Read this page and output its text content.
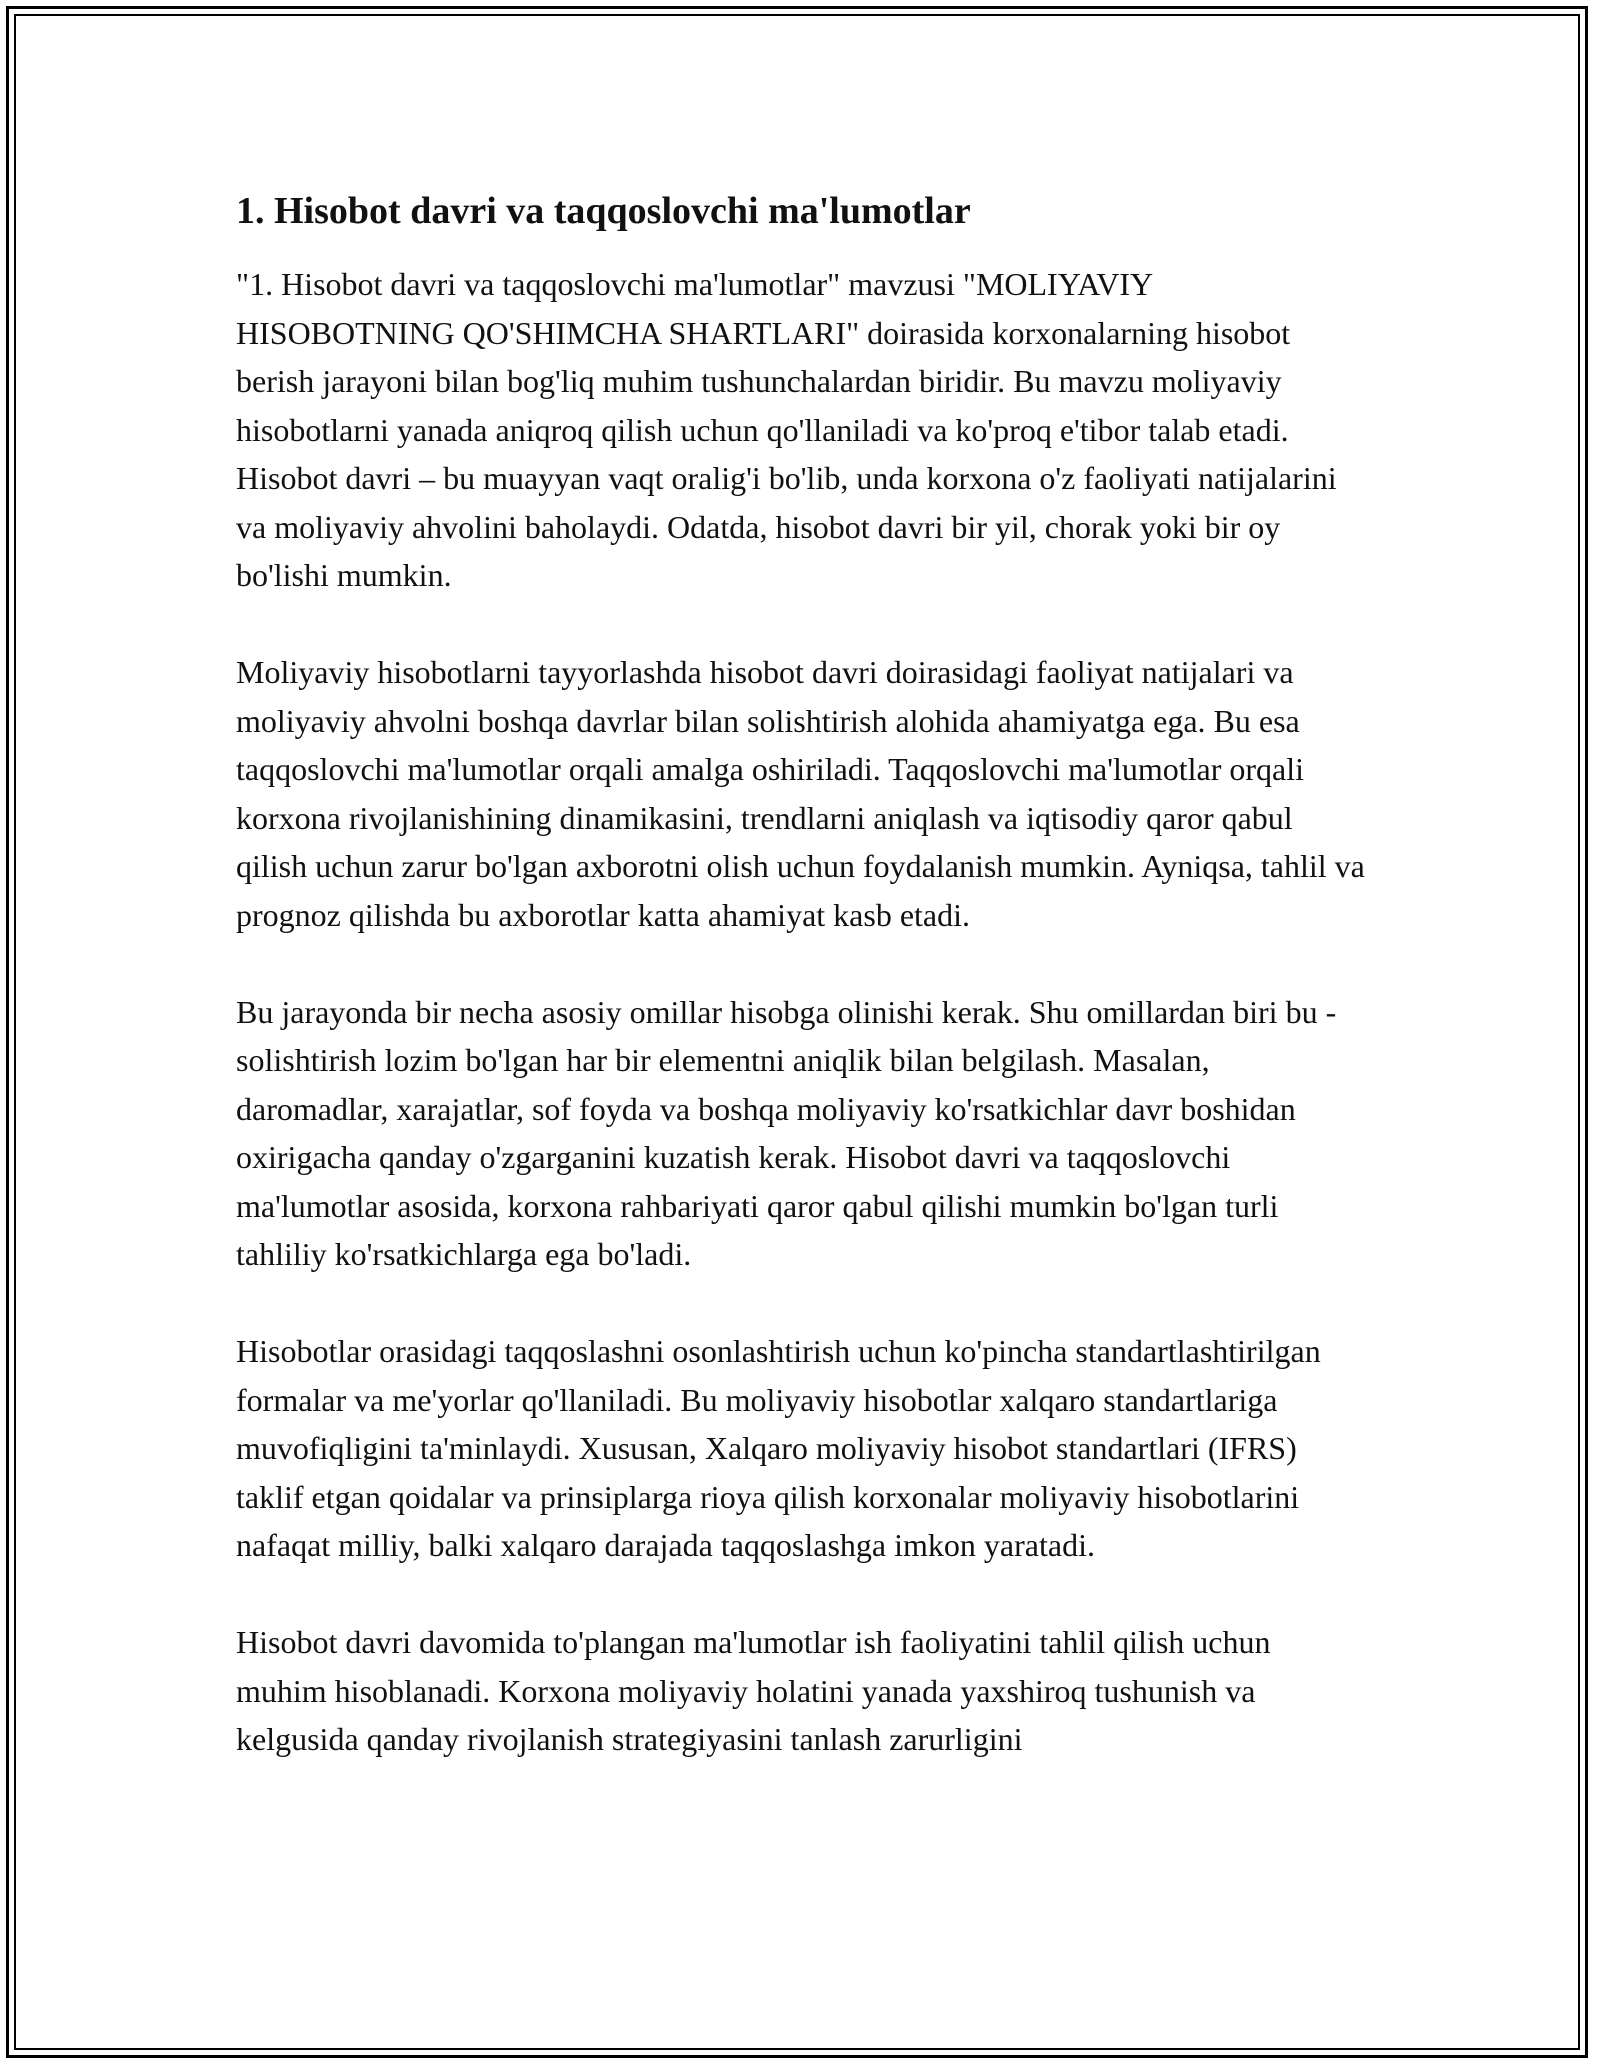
1. Hisobot davri va taqqoslovchi ma'lumotlar

"1. Hisobot davri va taqqoslovchi ma'lumotlar" mavzusi "MOLIYAVIY HISOBOTNING QO'SHIMCHA SHARTLARI" doirasida korxonalarning hisobot berish jarayoni bilan bog'liq muhim tushunchalardan biridir. Bu mavzu moliyaviy hisobotlarni yanada aniqroq qilish uchun qo'llaniladi va ko'proq e'tibor talab etadi. Hisobot davri – bu muayyan vaqt oralig'i bo'lib, unda korxona o'z faoliyati natijalarini va moliyaviy ahvolini baholaydi. Odatda, hisobot davri bir yil, chorak yoki bir oy bo'lishi mumkin.

Moliyaviy hisobotlarni tayyorlashda hisobot davri doirasidagi faoliyat natijalari va moliyaviy ahvolni boshqa davrlar bilan solishtirish alohida ahamiyatga ega. Bu esa taqqoslovchi ma'lumotlar orqali amalga oshiriladi. Taqqoslovchi ma'lumotlar orqali korxona rivojlanishining dinamikasini, trendlarni aniqlash va iqtisodiy qaror qabul qilish uchun zarur bo'lgan axborotni olish uchun foydalanish mumkin. Ayniqsa, tahlil va prognoz qilishda bu axborotlar katta ahamiyat kasb etadi.

Bu jarayonda bir necha asosiy omillar hisobga olinishi kerak. Shu omillardan biri bu - solishtirish lozim bo'lgan har bir elementni aniqlik bilan belgilash. Masalan, daromadlar, xarajatlar, sof foyda va boshqa moliyaviy ko'rsatkichlar davr boshidan oxirigacha qanday o'zgarganini kuzatish kerak. Hisobot davri va taqqoslovchi ma'lumotlar asosida, korxona rahbariyati qaror qabul qilishi mumkin bo'lgan turli tahliliy ko'rsatkichlarga ega bo'ladi.

Hisobotlar orasidagi taqqoslashni osonlashtirish uchun ko'pincha standartlashtirilgan formalar va me'yorlar qo'llaniladi. Bu moliyaviy hisobotlar xalqaro standartlariga muvofiqligini ta'minlaydi. Xususan, Xalqaro moliyaviy hisobot standartlari (IFRS) taklif etgan qoidalar va prinsiplarga rioya qilish korxonalar moliyaviy hisobotlarini nafaqat milliy, balki xalqaro darajada taqqoslashga imkon yaratadi.

Hisobot davri davomida to'plangan ma'lumotlar ish faoliyatini tahlil qilish uchun muhim hisoblanadi. Korxona moliyaviy holatini yanada yaxshiroq tushunish va kelgusida qanday rivojlanish strategiyasini tanlash zarurligini
